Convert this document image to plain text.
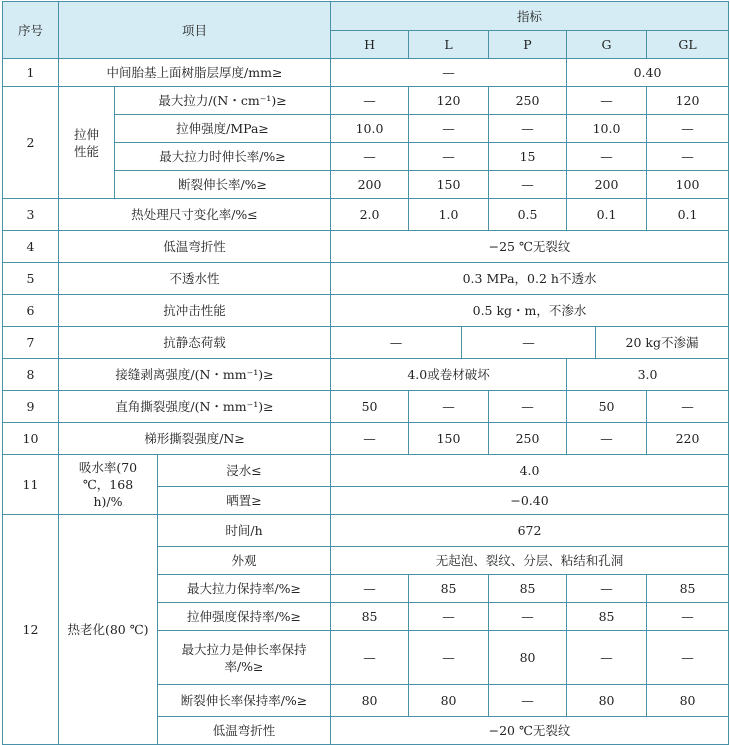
序号	项目	指标
H	L	P	G	GL
1	中间胎基上面树脂层厚度/mm≥	—	0.40
2	拉伸性能	最大拉力/(N・cm⁻¹)≥	—	120	250	—	120
拉伸强度/MPa≥	10.0	—	—	10.0	—
最大拉力时伸长率/%≥	—	—	15	—	—
断裂伸长率/%≥	200	150	—	200	100
3	热处理尺寸变化率/%≤	2.0	1.0	0.5	0.1	0.1
4	低温弯折性	−25 ℃无裂纹
5	不透水性	0.3 MPa，0.2 h不透水
6	抗冲击性能	0.5 kg・m，不渗水
7	抗静态荷载		—	—	20 kg不渗漏

8	接缝剥离强度/(N・mm⁻¹)≥	4.0或卷材破坏	3.0
9	直角撕裂强度/(N・mm⁻¹)≥	50	—	—	50	—
10	梯形撕裂强度/N≥	—	150	250	—	220
11	吸水率(70 ℃，168 h)/%	浸水≤	4.0
晒置≥	−0.40
12	热老化(80 ℃)	时间/h	672
外观	无起泡、裂纹、分层、粘结和孔洞
最大拉力保持率/%≥	—	85	85	—	85
拉伸强度保持率/%≥	85	—	—	85	—
最大拉力是伸长率保持率/%≥	—	—	80	—	—
断裂伸长率保持率/%≥	80	80	—	80	80
低温弯折性	−20 ℃无裂纹
